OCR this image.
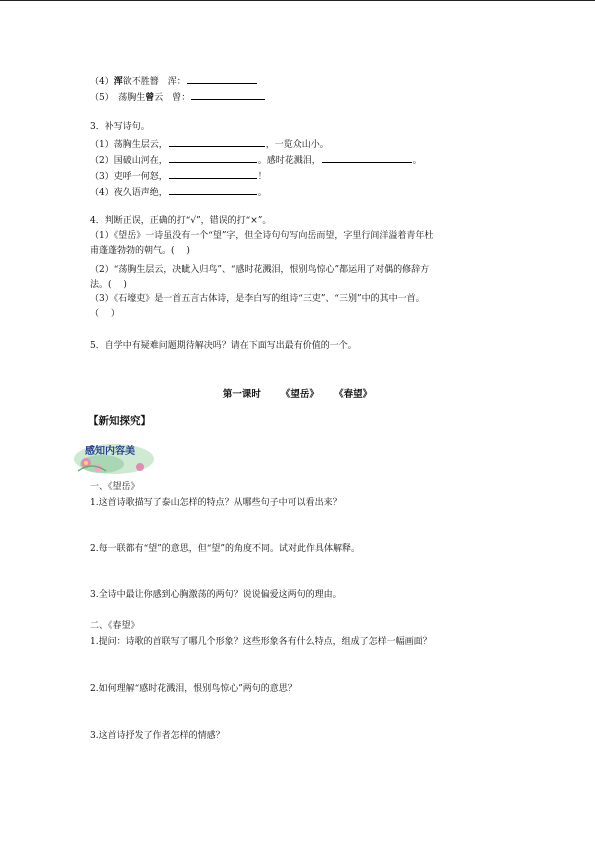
（4）浑欲不胜簪　浑：
（5）　 荡胸生曾云　曾：
3．补写诗句。
（1）荡胸生层云，	，一览众山小。
（2）国破山河在，	。感时花溅泪，	。
（3）吏呼一何怒，	！
（4）夜久语声绝，	。
4．判断正误，正确的打“√”，错误的打“×”。
（1）《望岳》一诗虽没有一个“望”字，但全诗句句写向岳而望，字里行间洋溢着青年杜
甫蓬蓬勃勃的朝气。(　 )
（2）“荡胸生层云，决眦入归鸟”、“感时花溅泪，恨别鸟惊心”都运用了对偶的修辞方
法。(　 )
（3）《石壕吏》是一首五言古体诗，是李白写的组诗“三吏”、“三别”中的其中一首。
（　 ）
5．自学中有疑难问题期待解决吗？请在下面写出最有价值的一个。
第一课时 《望岳》 《春望》
【新知探究】
感知内容美
一、《望岳》
1.这首诗歌描写了泰山怎样的特点？从哪些句子中可以看出来？
2.每一联都有“望”的意思，但“望”的角度不同。试对此作具体解释。
3.全诗中最让你感到心胸激荡的两句？说说偏爱这两句的理由。
二、《春望》
1.提问：诗歌的首联写了哪几个形象？这些形象各有什么特点，组成了怎样一幅画面？
2.如何理解“感时花溅泪，恨别鸟惊心”两句的意思？
3.这首诗抒发了作者怎样的情感？
